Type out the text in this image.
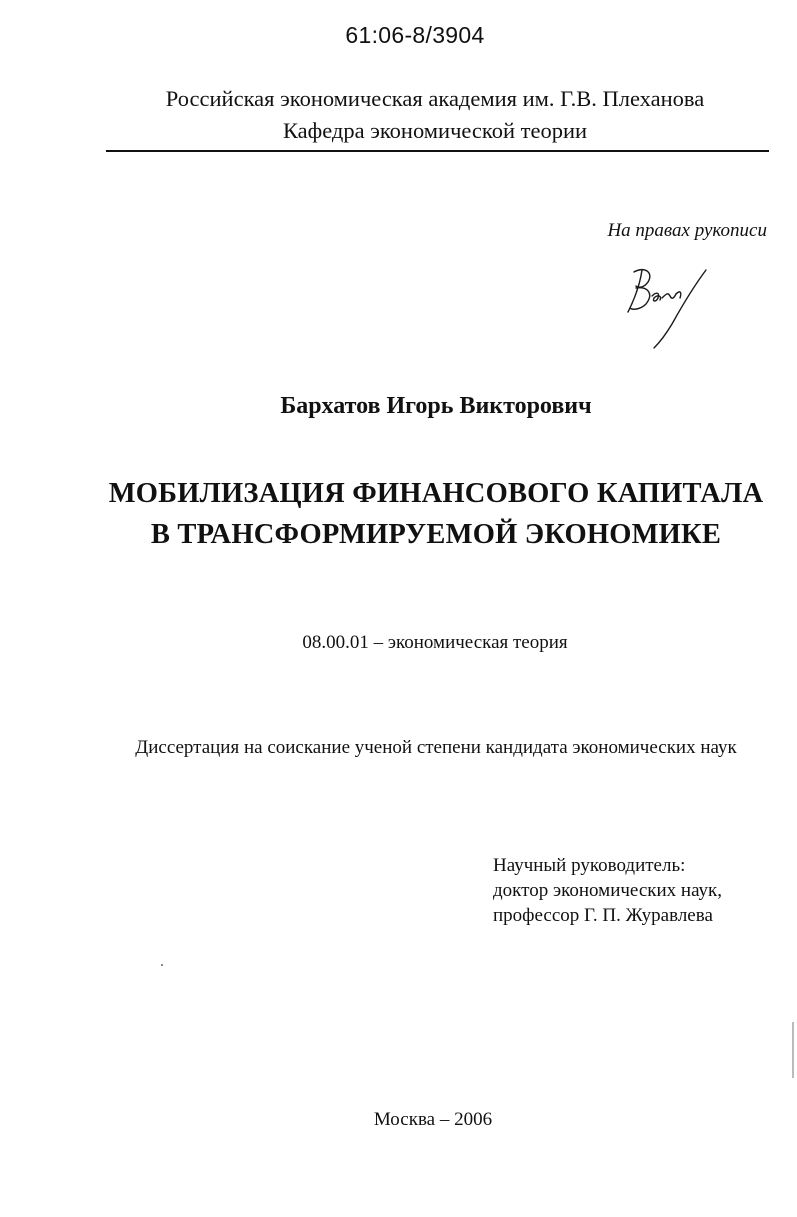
61:06-8/3904
Российская экономическая академия им. Г.В. Плеханова
Кафедра экономической теории
На правах рукописи
Бархатов Игорь Викторович
МОБИЛИЗАЦИЯ ФИНАНСОВОГО КАПИТАЛА
В ТРАНСФОРМИРУЕМОЙ ЭКОНОМИКЕ
08.00.01 – экономическая теория
Диссертация на соискание ученой степени кандидата экономических наук
Научный руководитель:
доктор экономических наук,
профессор Г. П. Журавлева
Москва – 2006
